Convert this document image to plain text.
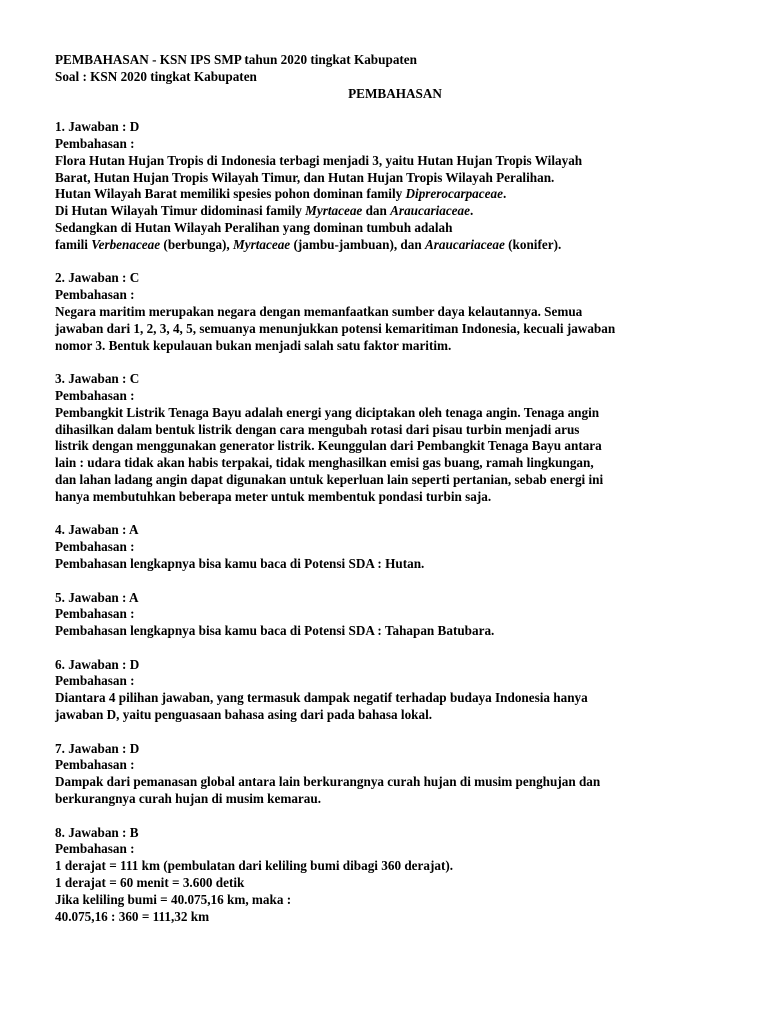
PEMBAHASAN - KSN IPS SMP tahun 2020 tingkat Kabupaten
Soal : KSN 2020 tingkat Kabupaten
PEMBAHASAN
1. Jawaban : D
Pembahasan :
Flora Hutan Hujan Tropis di Indonesia terbagi menjadi 3, yaitu Hutan Hujan Tropis Wilayah
Barat, Hutan Hujan Tropis Wilayah Timur, dan Hutan Hujan Tropis Wilayah Peralihan.
Hutan Wilayah Barat memiliki spesies pohon dominan family Diprerocarpaceae.
Di Hutan Wilayah Timur didominasi family Myrtaceae dan Araucariaceae.
Sedangkan di Hutan Wilayah Peralihan yang dominan tumbuh adalah
famili Verbenaceae (berbunga), Myrtaceae (jambu-jambuan), dan Araucariaceae (konifer).
2. Jawaban : C
Pembahasan :
Negara maritim merupakan negara dengan memanfaatkan sumber daya kelautannya. Semua
jawaban dari 1, 2, 3, 4, 5, semuanya menunjukkan potensi kemaritiman Indonesia, kecuali jawaban
nomor 3. Bentuk kepulauan bukan menjadi salah satu faktor maritim.
3. Jawaban : C
Pembahasan :
Pembangkit Listrik Tenaga Bayu adalah energi yang diciptakan oleh tenaga angin. Tenaga angin
dihasilkan dalam bentuk listrik dengan cara mengubah rotasi dari pisau turbin menjadi arus
listrik dengan menggunakan generator listrik. Keunggulan dari Pembangkit Tenaga Bayu antara
lain : udara tidak akan habis terpakai, tidak menghasilkan emisi gas buang, ramah lingkungan,
dan lahan ladang angin dapat digunakan untuk keperluan lain seperti pertanian, sebab energi ini
hanya membutuhkan beberapa meter untuk membentuk pondasi turbin saja.
4. Jawaban : A
Pembahasan :
Pembahasan lengkapnya bisa kamu baca di Potensi SDA : Hutan.
5. Jawaban : A
Pembahasan :
Pembahasan lengkapnya bisa kamu baca di Potensi SDA : Tahapan Batubara.
6. Jawaban : D
Pembahasan :
Diantara 4 pilihan jawaban, yang termasuk dampak negatif terhadap budaya Indonesia hanya
jawaban D, yaitu penguasaan bahasa asing dari pada bahasa lokal.
7. Jawaban : D
Pembahasan :
Dampak dari pemanasan global antara lain berkurangnya curah hujan di musim penghujan dan
berkurangnya curah hujan di musim kemarau.
8. Jawaban : B
Pembahasan :
1 derajat = 111 km (pembulatan dari keliling bumi dibagi 360 derajat).
1 derajat = 60 menit = 3.600 detik
Jika keliling bumi = 40.075,16 km, maka :
40.075,16 : 360 = 111,32 km
